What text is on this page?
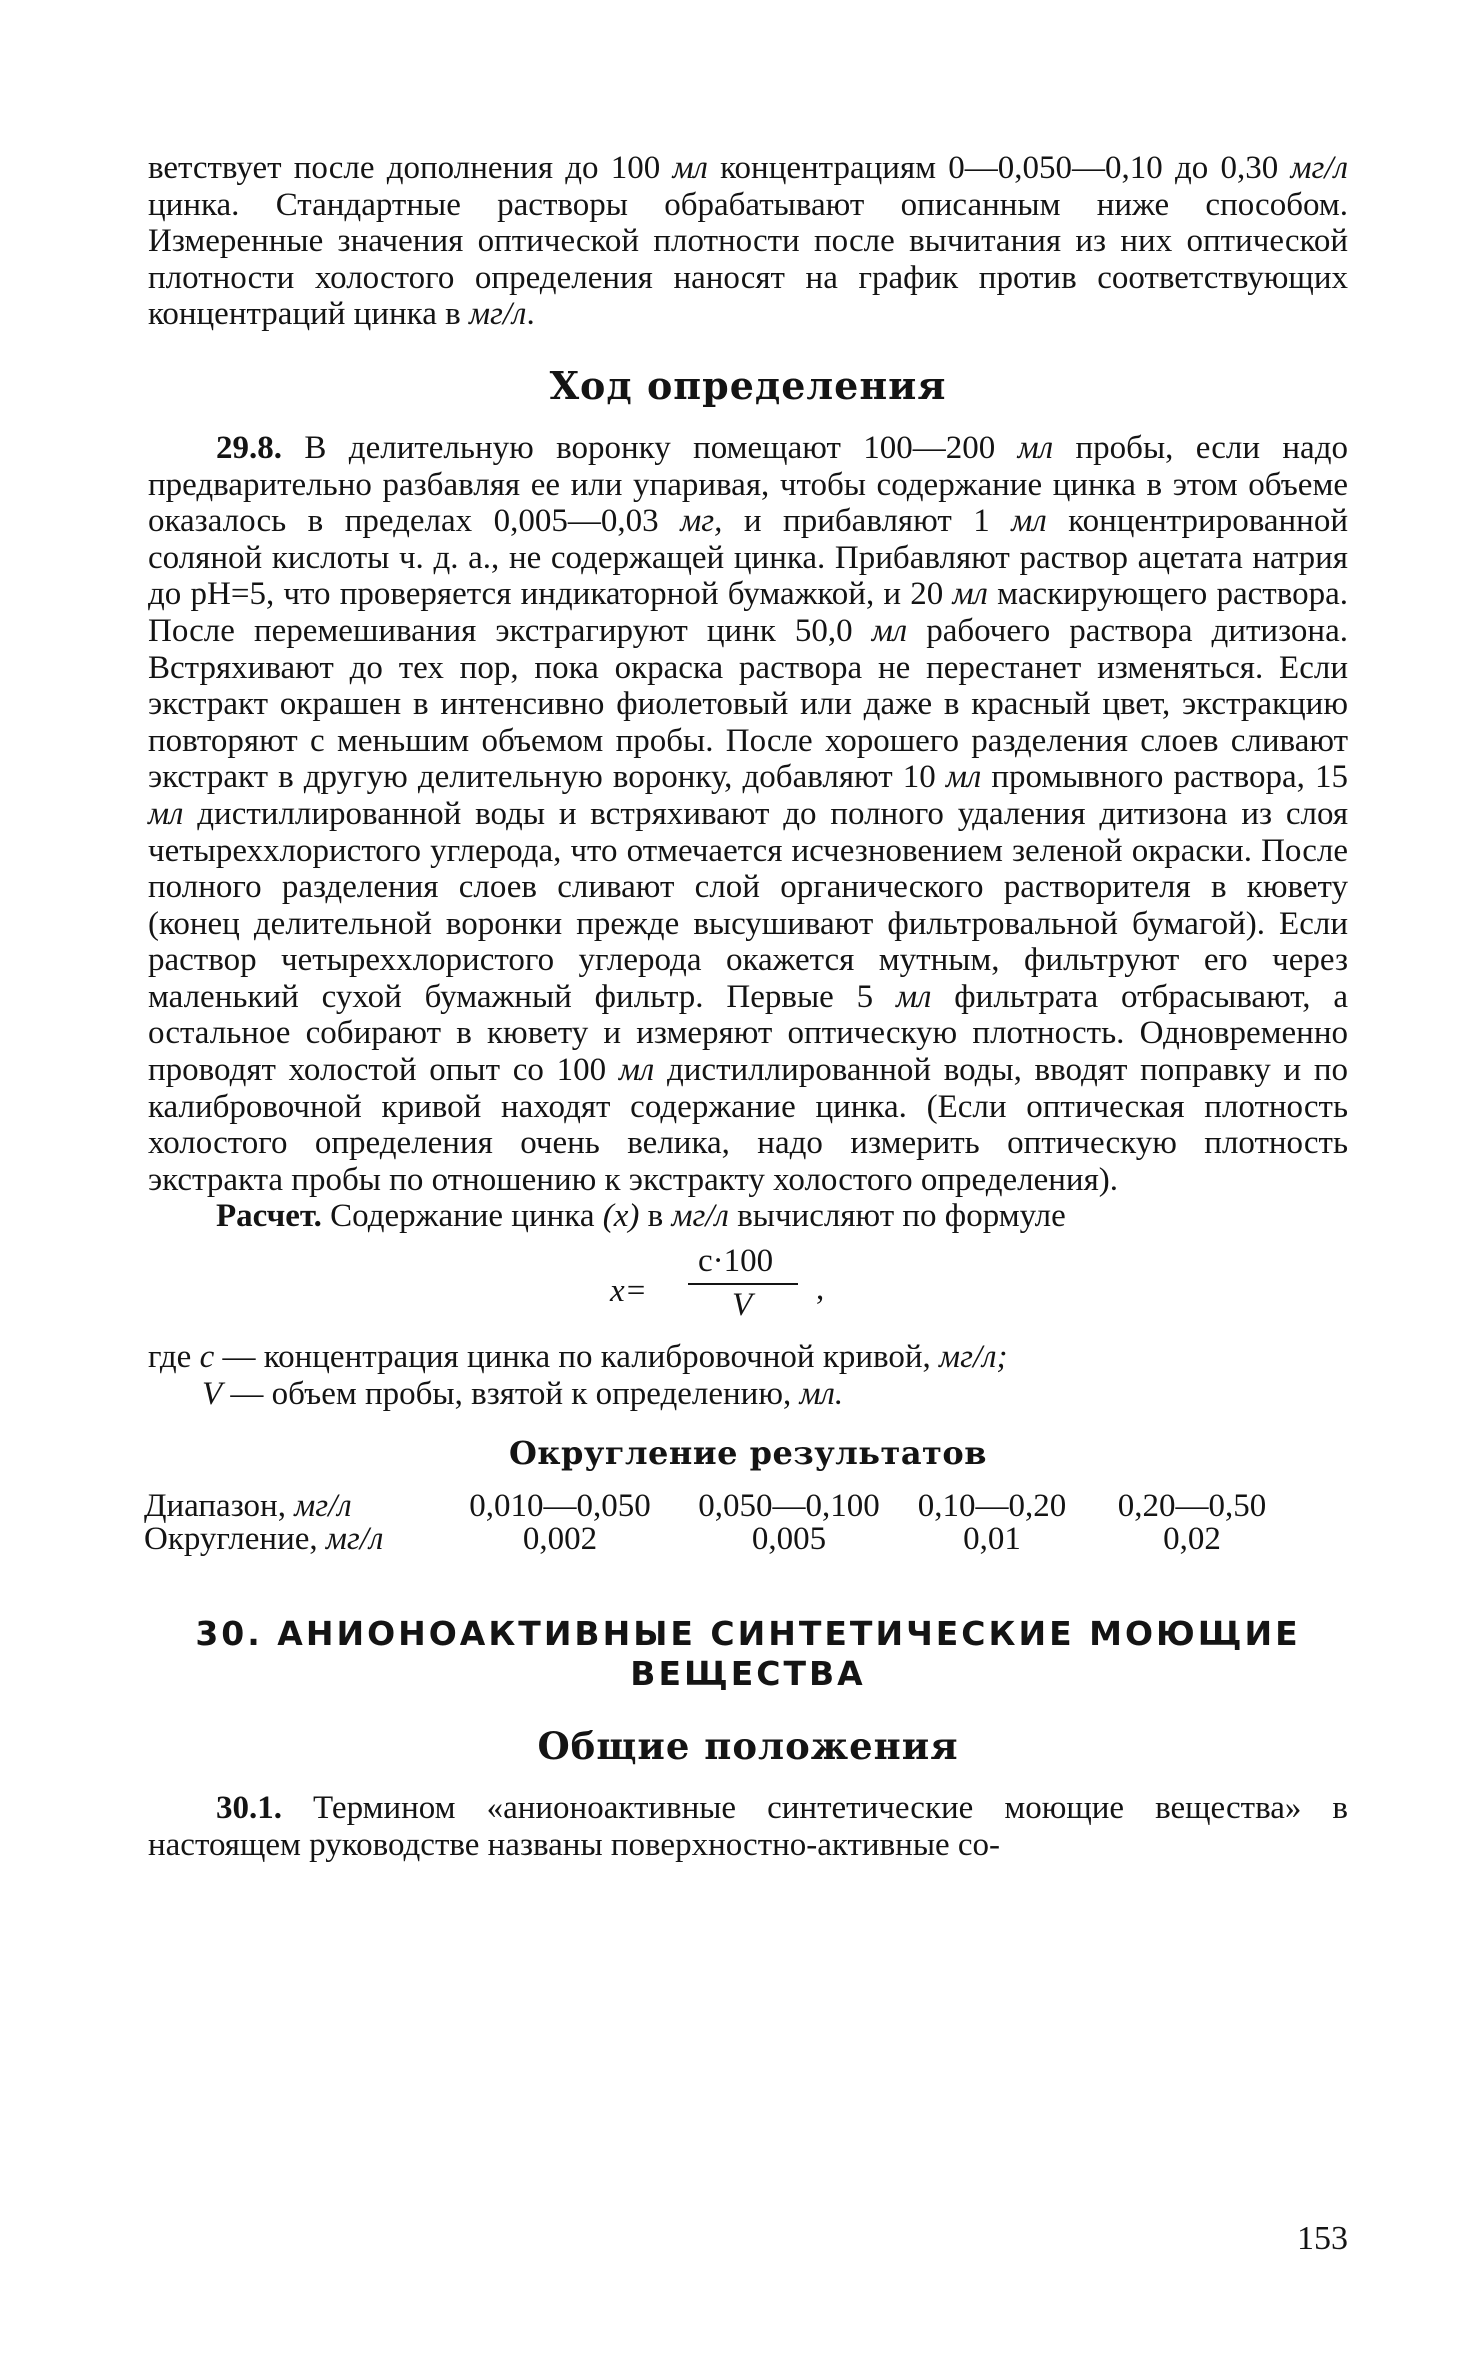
ветствует после дополнения до 100 мл концентрациям 0—0,050—0,10 до 0,30 мг/л цинка. Стандартные растворы обрабатывают описанным ниже способом. Измеренные значения оптической плотности после вычитания из них оптической плотности холостого определения наносят на график против соответствующих концентраций цинка в мг/л.

Ход определения

29.8. В делительную воронку помещают 100—200 мл пробы, если надо предварительно разбавляя ее или упаривая, чтобы содержание цинка в этом объеме оказалось в пределах 0,005—0,03 мг, и прибавляют 1 мл концентрированной соляной кислоты ч. д. а., не содержащей цинка. Прибавляют раствор ацетата натрия до pH=5, что проверяется индикаторной бумажкой, и 20 мл маскирующего раствора. После перемешивания экстрагируют цинк 50,0 мл рабочего раствора дитизона. Встряхивают до тех пор, пока окраска раствора не перестанет изменяться. Если экстракт окрашен в интенсивно фиолетовый или даже в красный цвет, экстракцию повторяют с меньшим объемом пробы. После хорошего разделения слоев сливают экстракт в другую делительную воронку, добавляют 10 мл промывного раствора, 15 мл дистиллированной воды и встряхивают до полного удаления дитизона из слоя четыреххлористого углерода, что отмечается исчезновением зеленой окраски. После полного разделения слоев сливают слой органического растворителя в кювету (конец делительной воронки прежде высушивают фильтровальной бумагой). Если раствор четыреххлористого углерода окажется мутным, фильтруют его через маленький сухой бумажный фильтр. Первые 5 мл фильтрата отбрасывают, а остальное собирают в кювету и измеряют оптическую плотность. Одновременно проводят холостой опыт со 100 мл дистиллированной воды, вводят поправку и по калибровочной кривой находят содержание цинка. (Если оптическая плотность холостого определения очень велика, надо измерить оптическую плотность экстракта пробы по отношению к экстракту холостого определения).

Расчет. Содержание цинка (x) в мг/л вычисляют по формуле

x=
c·100
V ,
где c — концентрация цинка по калибровочной кривой, мг/л;
V — объем пробы, взятой к определению, мл.
Округление результатов
Диапазон, мг/л	0,010—0,050	0,050—0,100	0,10—0,20	0,20—0,50
Округление, мг/л	0,002	0,005	0,01	0,02
30. АНИОНОАКТИВНЫЕ СИНТЕТИЧЕСКИЕ МОЮЩИЕ
ВЕЩЕСТВА
Общие положения

30.1. Термином «анионоактивные синтетические моющие вещества» в настоящем руководстве названы поверхностно-активные со-

153
